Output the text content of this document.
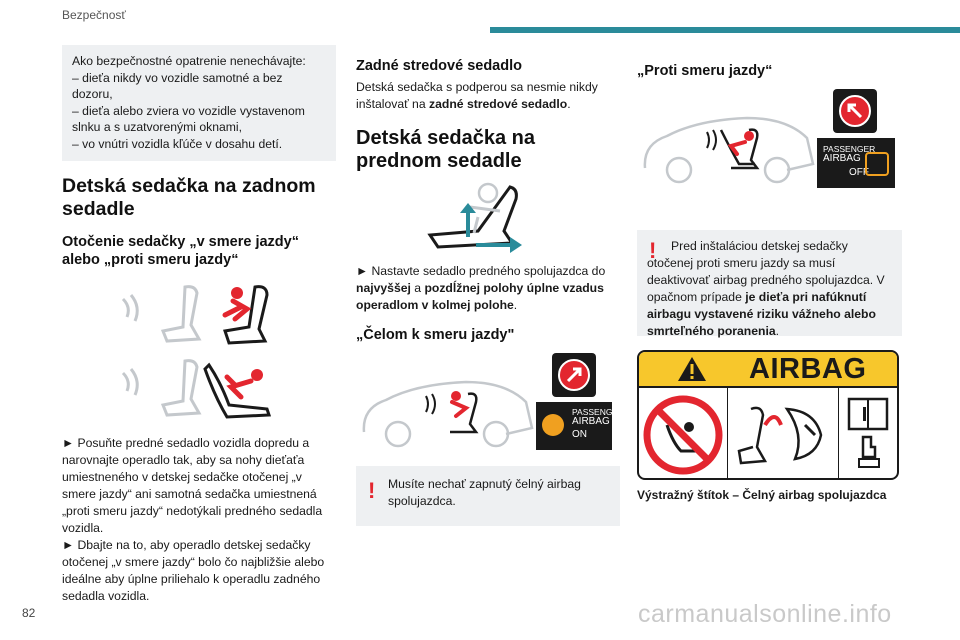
Bezpečnosť

Ako bezpečnostné opatrenie nenechávajte:

– dieťa nikdy vo vozidle samotné a bez dozoru,

– dieťa alebo zviera vo vozidle vystavenom slnku a s uzatvorenými oknami,

– vo vnútri vozidla kľúče v dosahu detí.

Detská sedačka na zadnom sedadle
Otočenie sedačky „v smere jazdy“ alebo „proti smeru jazdy“

► Posuňte predné sedadlo vozidla dopredu a narovnajte operadlo tak, aby sa nohy dieťaťa umiestneného v detskej sedačke otočenej „v smere jazdy“ ani samotná sedačka umiestnená „proti smeru jazdy“ nedotýkali predného sedadla vozidla.

► Dbajte na to, aby operadlo detskej sedačky otočenej „v smere jazdy“ bolo čo najbližšie alebo ideálne aby úplne priliehalo k operadlu zadného sedadla vozidla.

Zadné stredové sedadlo

Detská sedačka s podperou sa nesmie nikdy inštalovať na zadné stredové sedadlo.

Detská sedačka na prednom sedadle

► Nastavte sedadlo predného spolujazdca do najvyššej a pozdĺžnej polohy úplne vzadus operadlom v kolmej polohe.

„Čelom k smeru jazdy"
PASSENGER
AIRBAG
ON
! Musíte nechať zapnutý čelný airbag spolujazdca.
„Proti smeru jazdy“
PASSENGER
AIRBAG
OFF
!	Pred inštaláciou detskej sedačky otočenej proti smeru jazdy sa musí deaktivovať airbag predného spolujazdca. V opačnom prípade je dieťa pri nafúknutí airbagu vystavené riziku vážneho alebo smrteľného poranenia.
AIRBAG
Výstražný štítok – Čelný airbag spolujazdca
82	carmanualsonline.info
